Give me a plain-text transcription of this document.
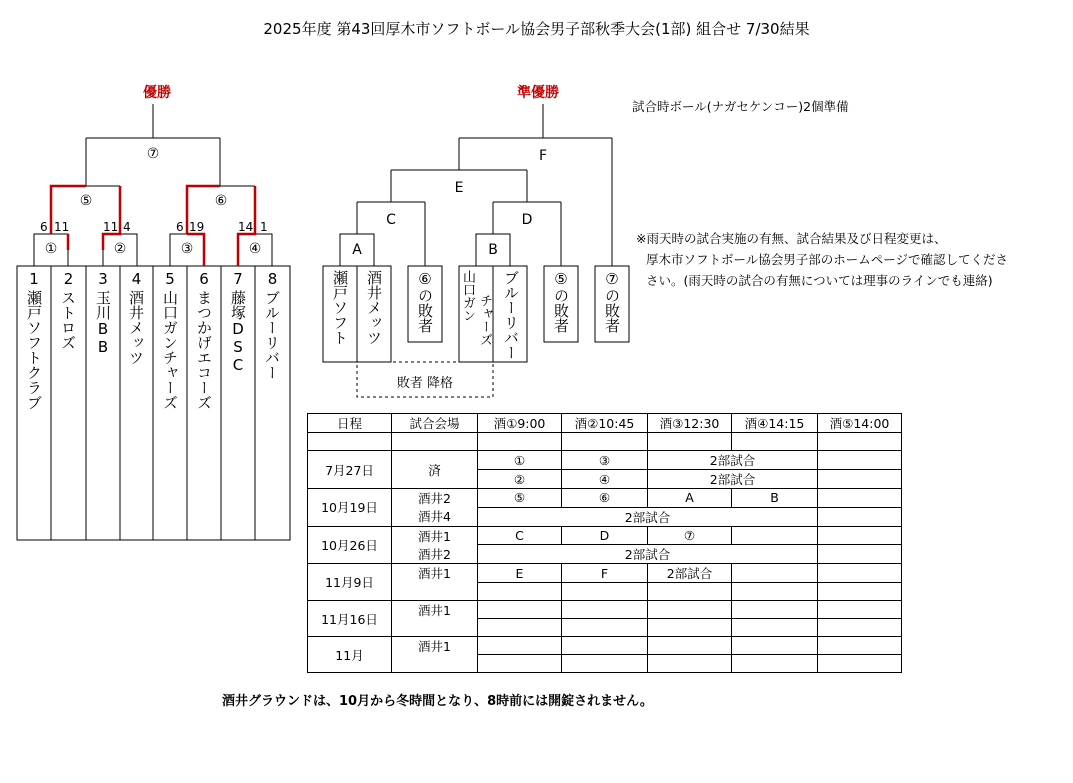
2025年度 第43回厚木市ソフトボール協会男子部秋季大会(1部) 組合せ 7/30結果
優勝	準優勝
試合時ボール(ナガセケンコー)2個準備
※雨天時の試合実施の有無、試合結果及び日程変更は、
厚木市ソフトボール協会男子部のホームページで確認してくださ
さい。(雨天時の試合の有無については理事のラインでも連絡)
⑦
⑤	⑥
①	②	③	④
6 11	11 4	6 19	14 1
1
瀬戸ソフトクラブ
2
ストロズ
3
玉川BB
4
酒井メッツ
5
山口ガンチャーズ
6
まつかげエコーズ
7
藤塚DSC
8
ブルーリバー
F
E
C	D
A	B
瀬戸ソフト 酒井メッツ ⑥の敗者 山口ガン チャーズ ブルーリバー ⑤の敗者 ⑦の敗者
敗者 降格
日程	試合会場	酒①9:00	酒②10:45	酒③12:30	酒④14:15	酒⑤14:00

7月27日	済	①	③	2部試合		
		②	④	2部試合		
10月19日	酒井2	⑤	⑥	A	B	
	酒井4	2部試合				
10月26日	酒井1	C	D	⑦		
	酒井2	2部試合				
11月9日	酒井1	E	F	2部試合		

11月16日	酒井1					

11月	酒井1					

酒井グラウンドは、10月から冬時間となり、8時前には開錠されません。
